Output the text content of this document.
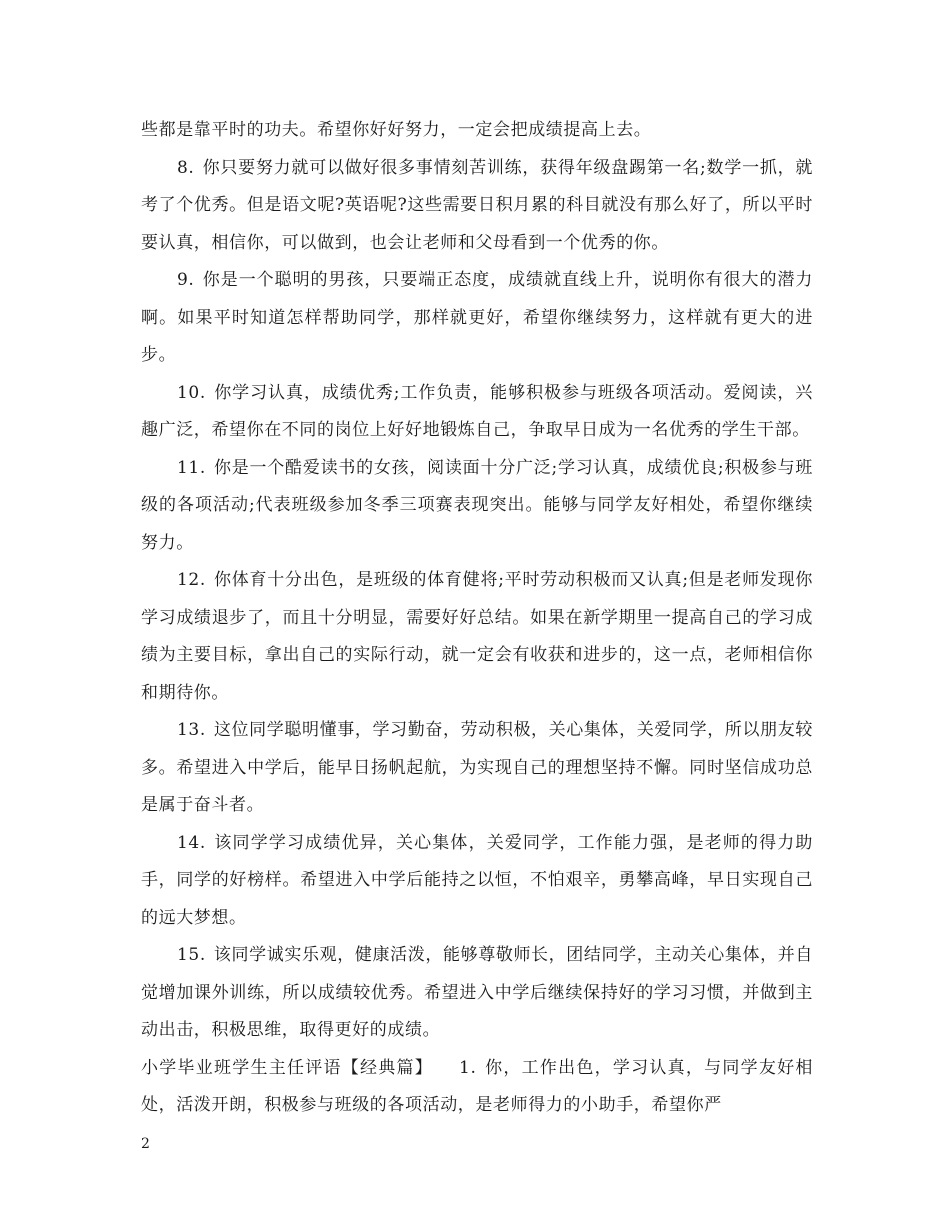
些都是靠平时的功夫。希望你好好努力，一定会把成绩提高上去。

8. 你只要努力就可以做好很多事情刻苦训练，获得年级盘踢第一名;数学一抓，就考了个优秀。但是语文呢?英语呢?这些需要日积月累的科目就没有那么好了，所以平时要认真，相信你，可以做到，也会让老师和父母看到一个优秀的你。

9. 你是一个聪明的男孩，只要端正态度，成绩就直线上升，说明你有很大的潜力啊。如果平时知道怎样帮助同学，那样就更好，希望你继续努力，这样就有更大的进步。

10. 你学习认真，成绩优秀;工作负责，能够积极参与班级各项活动。爱阅读，兴趣广泛，希望你在不同的岗位上好好地锻炼自己，争取早日成为一名优秀的学生干部。

11. 你是一个酷爱读书的女孩，阅读面十分广泛;学习认真，成绩优良;积极参与班级的各项活动;代表班级参加冬季三项赛表现突出。能够与同学友好相处，希望你继续努力。

12. 你体育十分出色，是班级的体育健将;平时劳动积极而又认真;但是老师发现你学习成绩退步了，而且十分明显，需要好好总结。如果在新学期里一提高自己的学习成绩为主要目标，拿出自己的实际行动，就一定会有收获和进步的，这一点，老师相信你和期待你。

13. 这位同学聪明懂事，学习勤奋，劳动积极，关心集体，关爱同学，所以朋友较多。希望进入中学后，能早日扬帆起航，为实现自己的理想坚持不懈。同时坚信成功总是属于奋斗者。

14. 该同学学习成绩优异，关心集体，关爱同学，工作能力强，是老师的得力助手，同学的好榜样。希望进入中学后能持之以恒，不怕艰辛，勇攀高峰，早日实现自己的远大梦想。

15. 该同学诚实乐观，健康活泼，能够尊敬师长，团结同学，主动关心集体，并自觉增加课外训练，所以成绩较优秀。希望进入中学后继续保持好的学习习惯，并做到主动出击，积极思维，取得更好的成绩。

小学毕业班学生主任评语【经典篇】 1. 你，工作出色，学习认真，与同学友好相处，活泼开朗，积极参与班级的各项活动，是老师得力的小助手，希望你严

2
